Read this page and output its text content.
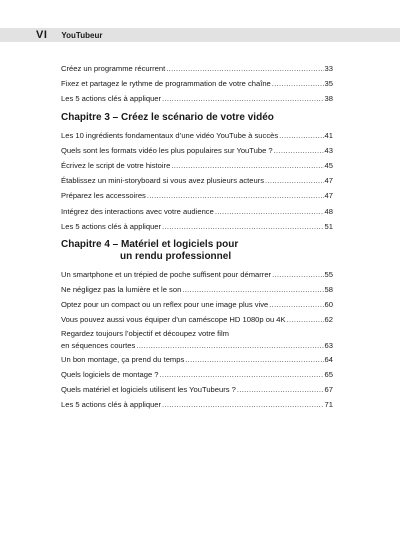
VI YouTubeur
Créez un programme récurrent .....	33
Fixez et partagez le rythme de programmation de votre chaîne .....	35
Les 5 actions clés à appliquer .....	38
Chapitre 3 – Créez le scénario de votre vidéo
Les 10 ingrédients fondamentaux d’une vidéo YouTube à succès .....	41
Quels sont les formats vidéo les plus populaires sur YouTube ? .....	43
Écrivez le script de votre histoire .....	45
Établissez un mini-storyboard si vous avez plusieurs acteurs .....	47
Préparez les accessoires .....	47
Intégrez des interactions avec votre audience .....	48
Les 5 actions clés à appliquer .....	51
Chapitre 4 – Matériel et logiciels pour
un rendu professionnel
Un smartphone et un trépied de poche suffisent pour démarrer .....	55
Ne négligez pas la lumière et le son .....	58
Optez pour un compact ou un reflex pour une image plus vive .....	60
Vous pouvez aussi vous équiper d’un caméscope HD 1080p ou 4K .....	62
Regardez toujours l’objectif et découpez votre film
en séquences courtes .....	63
Un bon montage, ça prend du temps .....	64
Quels logiciels de montage ? .....	65
Quels matériel et logiciels utilisent les YouTubeurs ? .....	67
Les 5 actions clés à appliquer .....	71
